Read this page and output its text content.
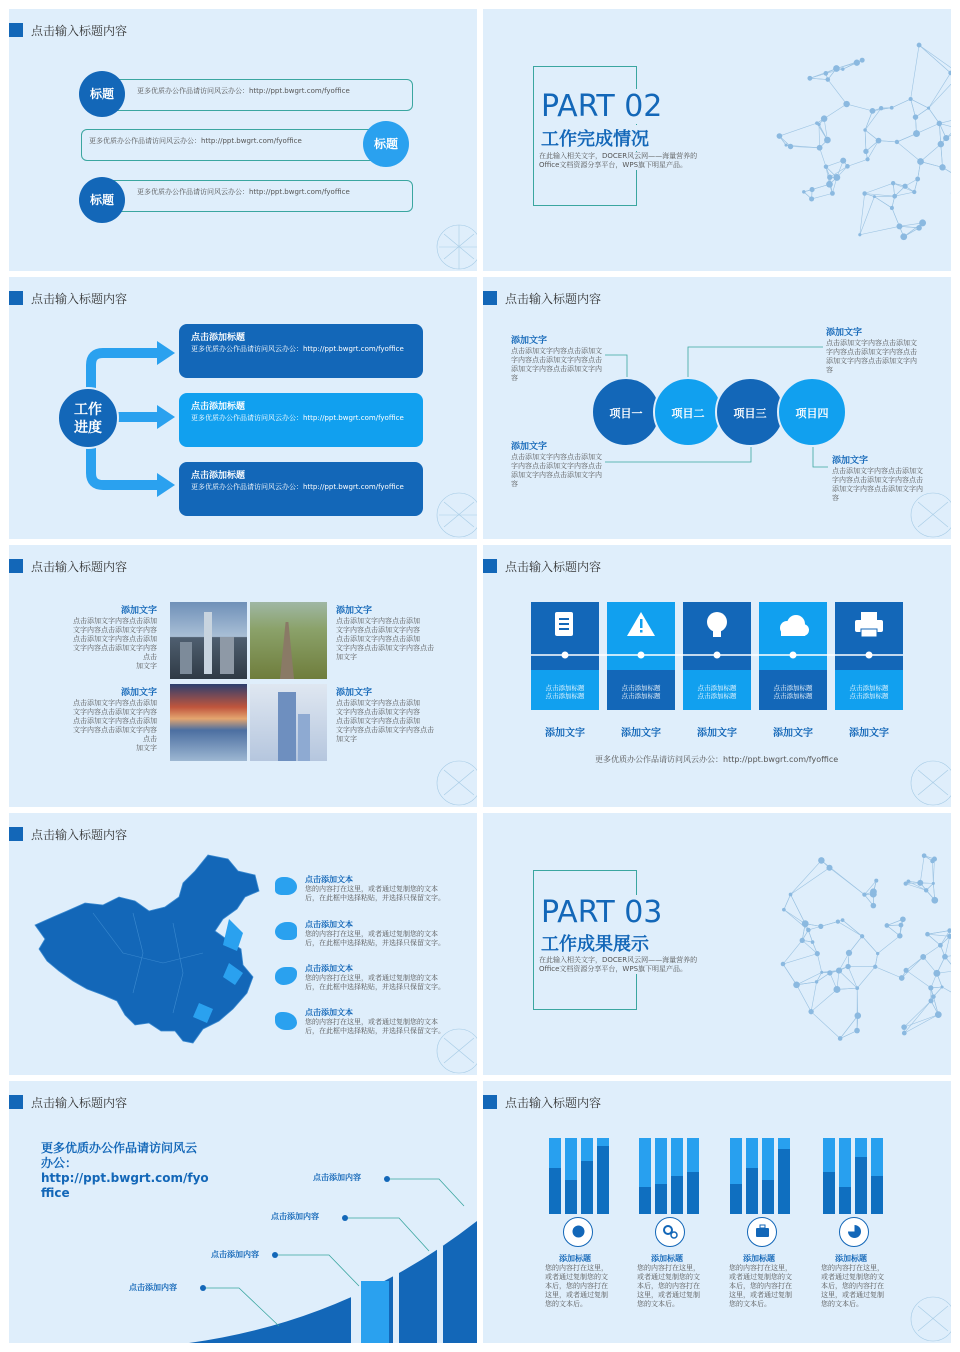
点击输入标题内容
更多优质办公作品请访问风云办公：http://ppt.bwgrt.com/fyoffice
标题
更多优质办公作品请访问风云办公：http://ppt.bwgrt.com/fyoffice	标题
更多优质办公作品请访问风云办公：http://ppt.bwgrt.com/fyoffice
标题
PART 02
工作完成情况
在此输入相关文字，DOCER风云网——海量营养的
Office文档资源分享平台，WPS旗下明星产品。
点击输入标题内容
工作
进度
点击添加标题
更多优质办公作品请访问风云办公：http://ppt.bwgrt.com/fyoffice
点击添加标题
更多优质办公作品请访问风云办公：http://ppt.bwgrt.com/fyoffice
点击添加标题
更多优质办公作品请访问风云办公：http://ppt.bwgrt.com/fyoffice
点击输入标题内容
项目一	项目二	项目三	项目四
添加文字
点击添加文字内容点击添加文
字内容点击添加文字内容点击
添加文字内容点击添加文字内
容
添加文字
点击添加文字内容点击添加文
字内容点击添加文字内容点击
添加文字内容点击添加文字内
容
添加文字
点击添加文字内容点击添加文
字内容点击添加文字内容点击
添加文字内容点击添加文字内
容
添加文字
点击添加文字内容点击添加文
字内容点击添加文字内容点击
添加文字内容点击添加文字内
容
点击输入标题内容
添加文字
点击添加文字内容点击添加
文字内容点击添加文字内容
点击添加文字内容点击添加
文字内容点击添加文字内容点击
加文字
添加文字
点击添加文字内容点击添加
文字内容点击添加文字内容
点击添加文字内容点击添加
文字内容点击添加文字内容点击
加文字
添加文字
点击添加文字内容点击添加
文字内容点击添加文字内容
点击添加文字内容点击添加
文字内容点击添加文字内容点击
加文字
添加文字
点击添加文字内容点击添加
文字内容点击添加文字内容
点击添加文字内容点击添加
文字内容点击添加文字内容点击
加文字
点击输入标题内容
点击添加标题
点击添加标题
添加文字
点击添加标题
点击添加标题
添加文字
点击添加标题
点击添加标题
添加文字
点击添加标题
点击添加标题
添加文字
点击添加标题
点击添加标题
添加文字
更多优质办公作品请访问风云办公：http://ppt.bwgrt.com/fyoffice
点击输入标题内容
点击添加文本
您的内容打在这里，或者通过复制您的文本
后，在此框中选择粘贴，并选择只保留文字。
点击添加文本
您的内容打在这里，或者通过复制您的文本
后，在此框中选择粘贴，并选择只保留文字。
点击添加文本
您的内容打在这里，或者通过复制您的文本
后，在此框中选择粘贴，并选择只保留文字。
点击添加文本
您的内容打在这里，或者通过复制您的文本
后，在此框中选择粘贴，并选择只保留文字。
PART 03
工作成果展示
在此输入相关文字，DOCER风云网——海量营养的
Office文档资源分享平台，WPS旗下明星产品。
点击输入标题内容
更多优质办公作品请访问风云
办公：
http://ppt.bwgrt.com/fyo
ffice
点击添加内容
点击添加内容
点击添加内容
点击添加内容
点击输入标题内容
添加标题
您的内容打在这里，
或者通过复制您的文
本后，您的内容打在
这里，或者通过复制
您的文本后。
添加标题
您的内容打在这里，
或者通过复制您的文
本后，您的内容打在
这里，或者通过复制
您的文本后。
添加标题
您的内容打在这里，
或者通过复制您的文
本后，您的内容打在
这里，或者通过复制
您的文本后。
添加标题
您的内容打在这里，
或者通过复制您的文
本后，您的内容打在
这里，或者通过复制
您的文本后。
